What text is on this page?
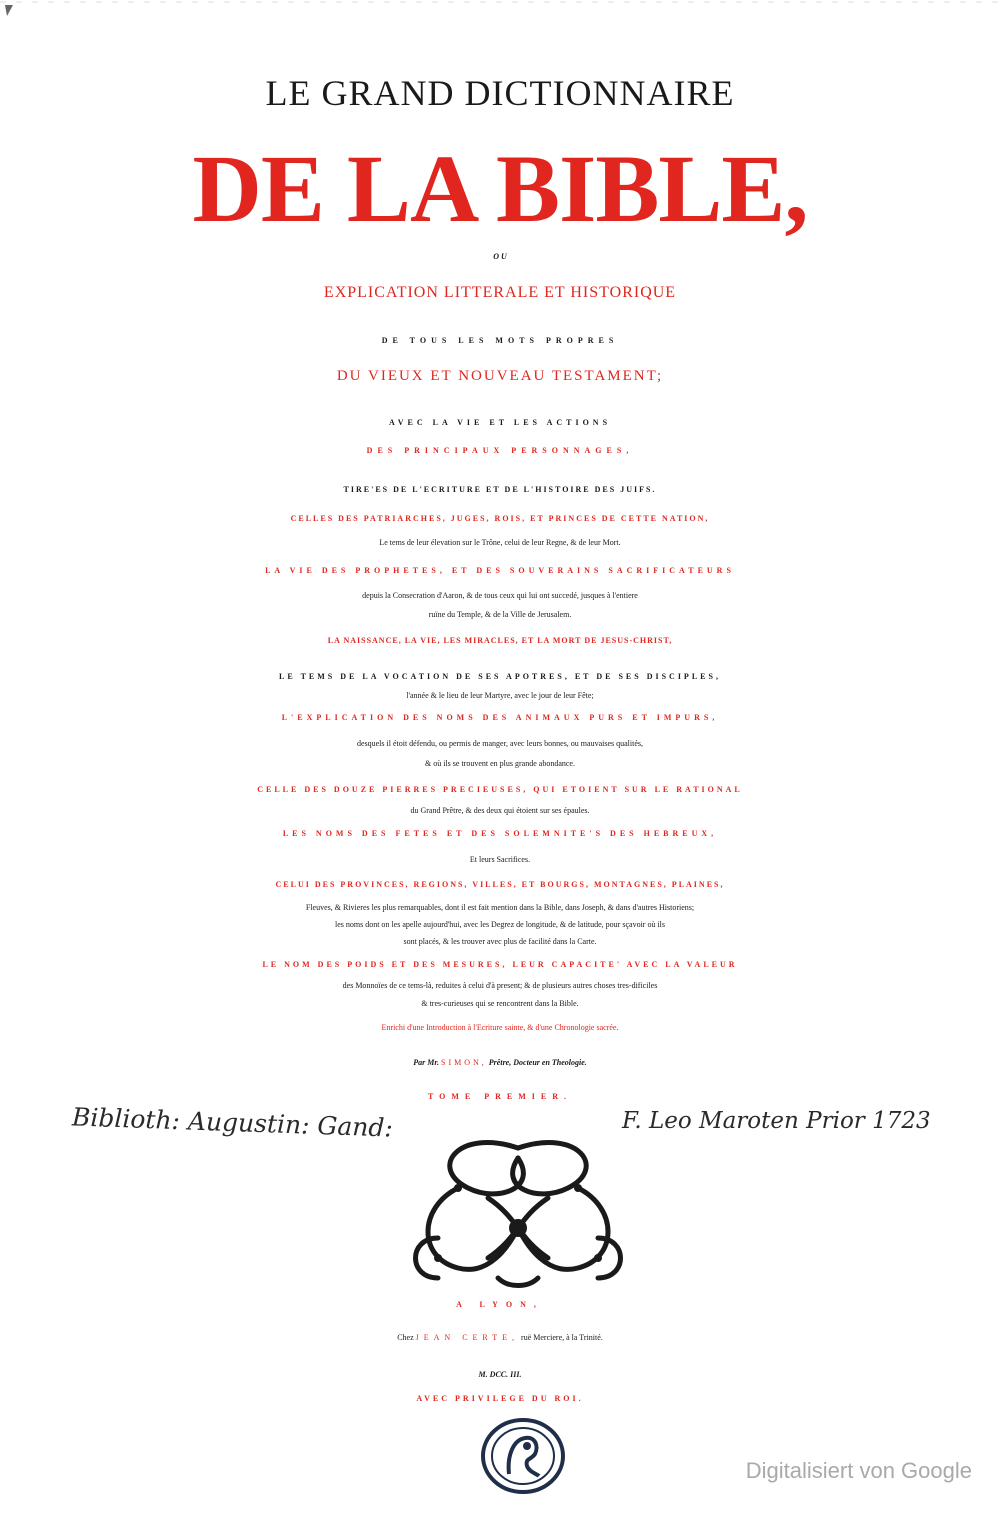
LE GRAND DICTIONNAIRE
DE LA BIBLE,
O U
EXPLICATION LITTERALE ET HISTORIQUE
DE TOUS LES MOTS PROPRES
DU VIEUX ET NOUVEAU TESTAMENT;
AVEC LA VIE ET LES ACTIONS
DES PRINCIPAUX PERSONNAGES,
TIRE'ES DE L'ECRITURE ET DE L'HISTOIRE DES JUIFS.
CELLES DES PATRIARCHES, JUGES, ROIS, ET PRINCES DE CETTE NATION,
Le tems de leur élevation sur le Trône, celui de leur Regne, & de leur Mort.
LA VIE DES PROPHETES, ET DES SOUVERAINS SACRIFICATEURS
depuis la Consecration d'Aaron, & de tous ceux qui lui ont succedé, jusques à l'entiere
ruïne du Temple, & de la Ville de Jerusalem.
LA NAISSANCE, LA VIE, LES MIRACLES, ET LA MORT DE JESUS-CHRIST,
LE TEMS DE LA VOCATION DE SES APOTRES, ET DE SES DISCIPLES,
l'année & le lieu de leur Martyre, avec le jour de leur Fête;
L'EXPLICATION DES NOMS DES ANIMAUX PURS ET IMPURS,
desquels il étoit défendu, ou permis de manger, avec leurs bonnes, ou mauvaises qualités,
& où ils se trouvent en plus grande abondance.
CELLE DES DOUZE PIERRES PRECIEUSES, QUI ETOIENT SUR LE RATIONAL
du Grand Prêtre, & des deux qui étoient sur ses épaules.
LES NOMS DES FETES ET DES SOLEMNITE'S DES HEBREUX,
Et leurs Sacrifices.
CELUI DES PROVINCES, REGIONS, VILLES, ET BOURGS, MONTAGNES, PLAINES,
Fleuves, & Rivieres les plus remarquables, dont il est fait mention dans la Bible, dans Joseph, & dans d'autres Historiens;
les noms dont on les apelle aujourd'hui, avec les Degrez de longitude, & de latitude, pour sçavoir où ils
sont placés, & les trouver avec plus de facilité dans la Carte.
LE NOM DES POIDS ET DES MESURES, LEUR CAPACITE' AVEC LA VALEUR
des Monnoïes de ce tems-là, reduites à celui d'à present; & de plusieurs autres choses tres-dificiles
& tres-curieuses qui se rencontrent dans la Bible.
Enrichi d'une Introduction à l'Ecriture sainte, & d'une Chronologie sacrée.
Par Mr. SIMON, Prêtre, Docteur en Theologie.
TOME PREMIER.
Biblioth: Augustin: Gand:	F. Leo Maroten Prior 1723
A LYON,
Chez JEAN CERTE, ruë Merciere, à la Trinité.
M. DCC. III.
AVEC PRIVILEGE DU ROI.
Digitalisiert von Google
